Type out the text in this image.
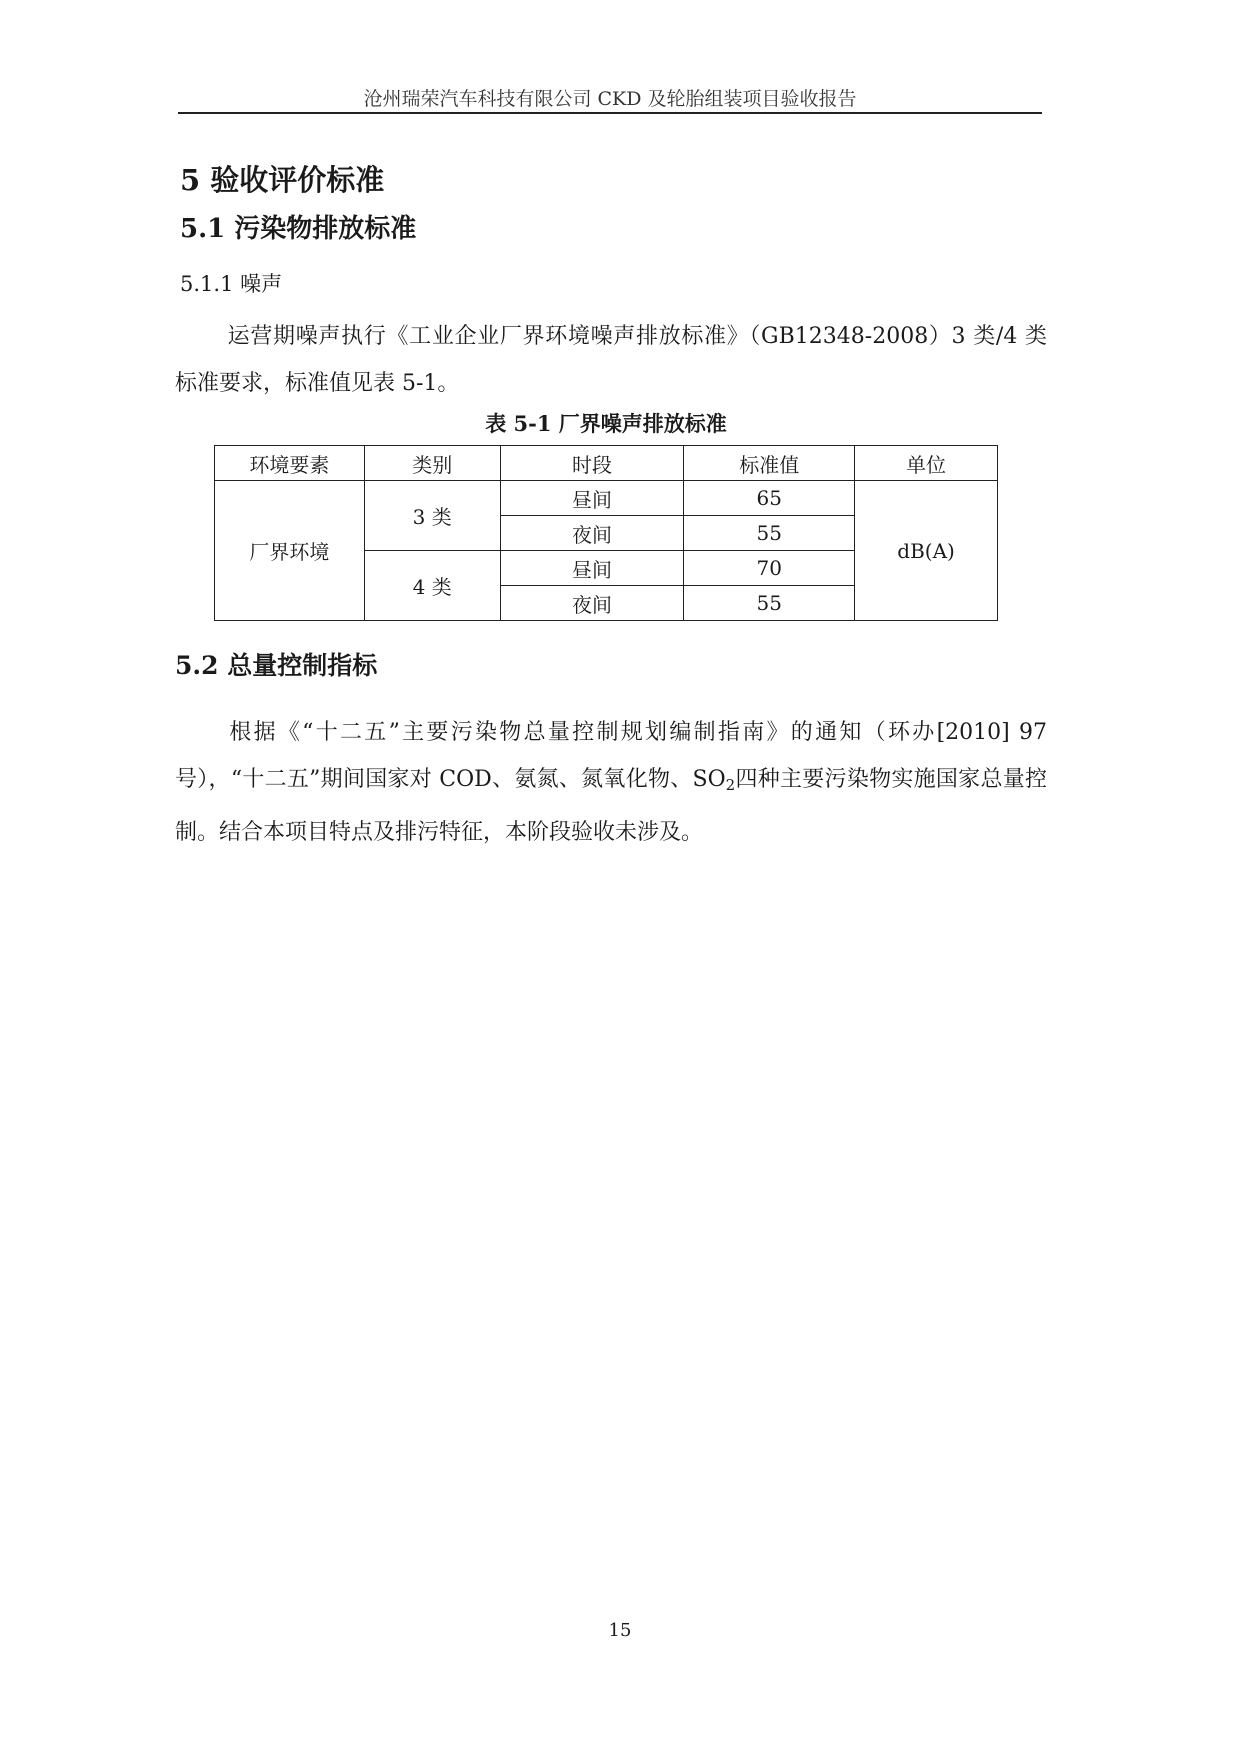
沧州瑞荣汽车科技有限公司 CKD 及轮胎组装项目验收报告
5 验收评价标准
5.1 污染物排放标准
5.1.1 噪声
运营期噪声执行《工业企业厂界环境噪声排放标准》（GB12348-2008）3 类/4 类标准要求，标准值见表 5-1。
表 5-1 厂界噪声排放标准
环境要素	类别	时段	标准值	单位
厂界环境	3 类	昼间	65	dB(A)
		夜间	55	
	4 类	昼间	70	
		夜间	55	
5.2 总量控制指标
根据《“十二五”主要污染物总量控制规划编制指南》的通知（环办[2010] 97 号），“十二五”期间国家对 COD、氨氮、氮氧化物、$SO_2$四种主要污染物实施国家总量控制。结合本项目特点及排污特征，本阶段验收未涉及。
15
